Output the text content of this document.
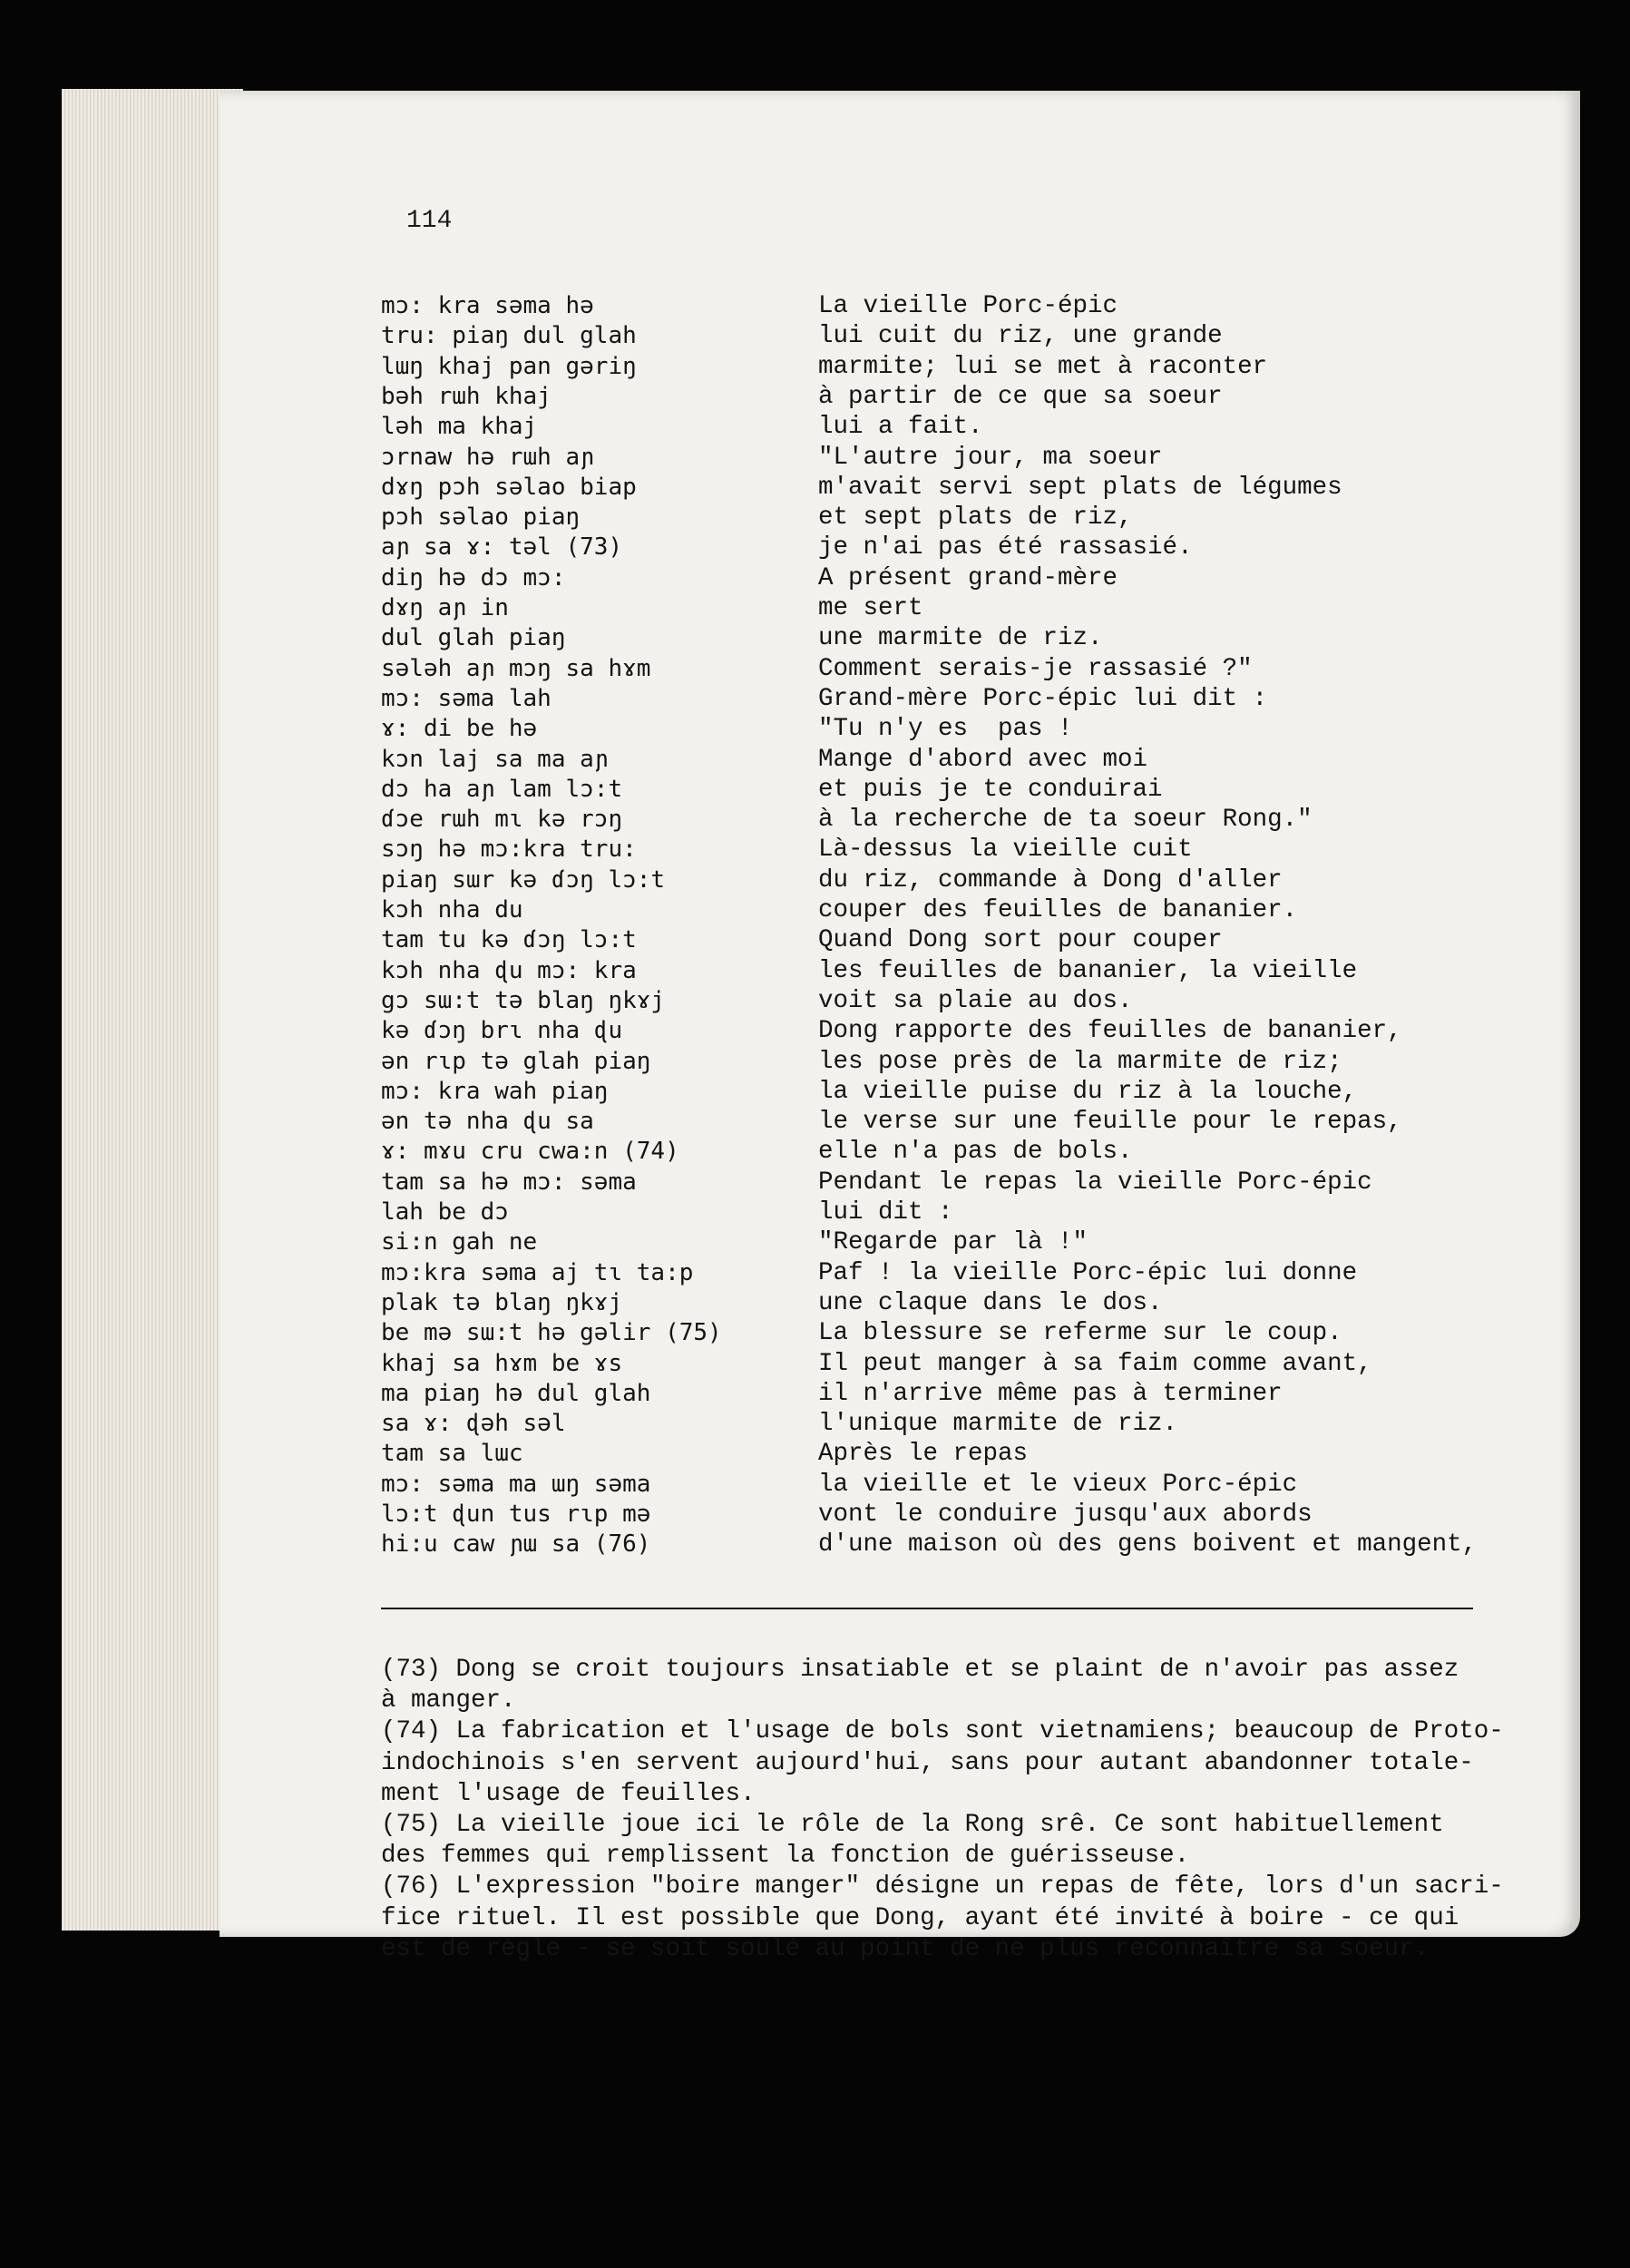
114
mɔ: kra səma hə	La vieille Porc-épic
tru: piaŋ dul glah	lui cuit du riz, une grande
lɯŋ khaj pan gəriŋ	marmite; lui se met à raconter
bəh rɯh khaj	à partir de ce que sa soeur
ləh ma khaj	lui a fait.
ɔrnaw hə rɯh aɲ	"L'autre jour, ma soeur
dɤŋ pɔh səlao biap	m'avait servi sept plats de légumes
pɔh səlao piaŋ	et sept plats de riz,
aɲ sa ɤ: təl (73)	je n'ai pas été rassasié.
diŋ hə dɔ mɔ:	A présent grand-mère
dɤŋ aɲ in	me sert
dul glah piaŋ	une marmite de riz.
sələh aɲ mɔŋ sa hɤm	Comment serais-je rassasié ?"
mɔ: səma lah	Grand-mère Porc-épic lui dit :
ɤ: di be hə	"Tu n'y es  pas !
kɔn laj sa ma aɲ	Mange d'abord avec moi
dɔ ha aɲ lam lɔ:t	et puis je te conduirai
ɗɔe rɯh mɩ kə rɔŋ	à la recherche de ta soeur Rong."
sɔŋ hə mɔ:kra tru:	Là-dessus la vieille cuit
piaŋ sɯr kə ɗɔŋ lɔ:t	du riz, commande à Dong d'aller
kɔh nha du	couper des feuilles de bananier.
tam tu kə ɗɔŋ lɔ:t	Quand Dong sort pour couper
kɔh nha ɖu mɔ: kra	les feuilles de bananier, la vieille
gɔ sɯ:t tə blaŋ ŋkɤj	voit sa plaie au dos.
kə ɗɔŋ brɩ nha ɖu	Dong rapporte des feuilles de bananier,
ən rɩp tə glah piaŋ	les pose près de la marmite de riz;
mɔ: kra wah piaŋ	la vieille puise du riz à la louche,
ən tə nha ɖu sa	le verse sur une feuille pour le repas,
ɤ: mɤu cru cwa:n (74)	elle n'a pas de bols.
tam sa hə mɔ: səma	Pendant le repas la vieille Porc-épic
lah be dɔ	lui dit :
si:n gah ne	"Regarde par là !"
mɔ:kra səma aj tɩ ta:p	Paf ! la vieille Porc-épic lui donne
plak tə blaŋ ŋkɤj	une claque dans le dos.
be mə sɯ:t hə gəlir (75)	La blessure se referme sur le coup.
khaj sa hɤm be ɤs	Il peut manger à sa faim comme avant,
ma piaŋ hə dul glah	il n'arrive même pas à terminer
sa ɤ: ɖəh səl	l'unique marmite de riz.
tam sa lɯc	Après le repas
mɔ: səma ma ɯŋ səma	la vieille et le vieux Porc-épic
lɔ:t ɖun tus rɩp mə	vont le conduire jusqu'aux abords
hi:u caw ɲɯ sa (76)	d'une maison où des gens boivent et mangent,
(73) Dong se croit toujours insatiable et se plaint de n'avoir pas assez
à manger.
(74) La fabrication et l'usage de bols sont vietnamiens; beaucoup de Proto-
indochinois s'en servent aujourd'hui, sans pour autant abandonner totale-
ment l'usage de feuilles.
(75) La vieille joue ici le rôle de la Rong srê. Ce sont habituellement
des femmes qui remplissent la fonction de guérisseuse.
(76) L'expression "boire manger" désigne un repas de fête, lors d'un sacri-
fice rituel. Il est possible que Dong, ayant été invité à boire - ce qui
est de règle - se soit soûlé au point de ne plus reconnaître sa soeur.
